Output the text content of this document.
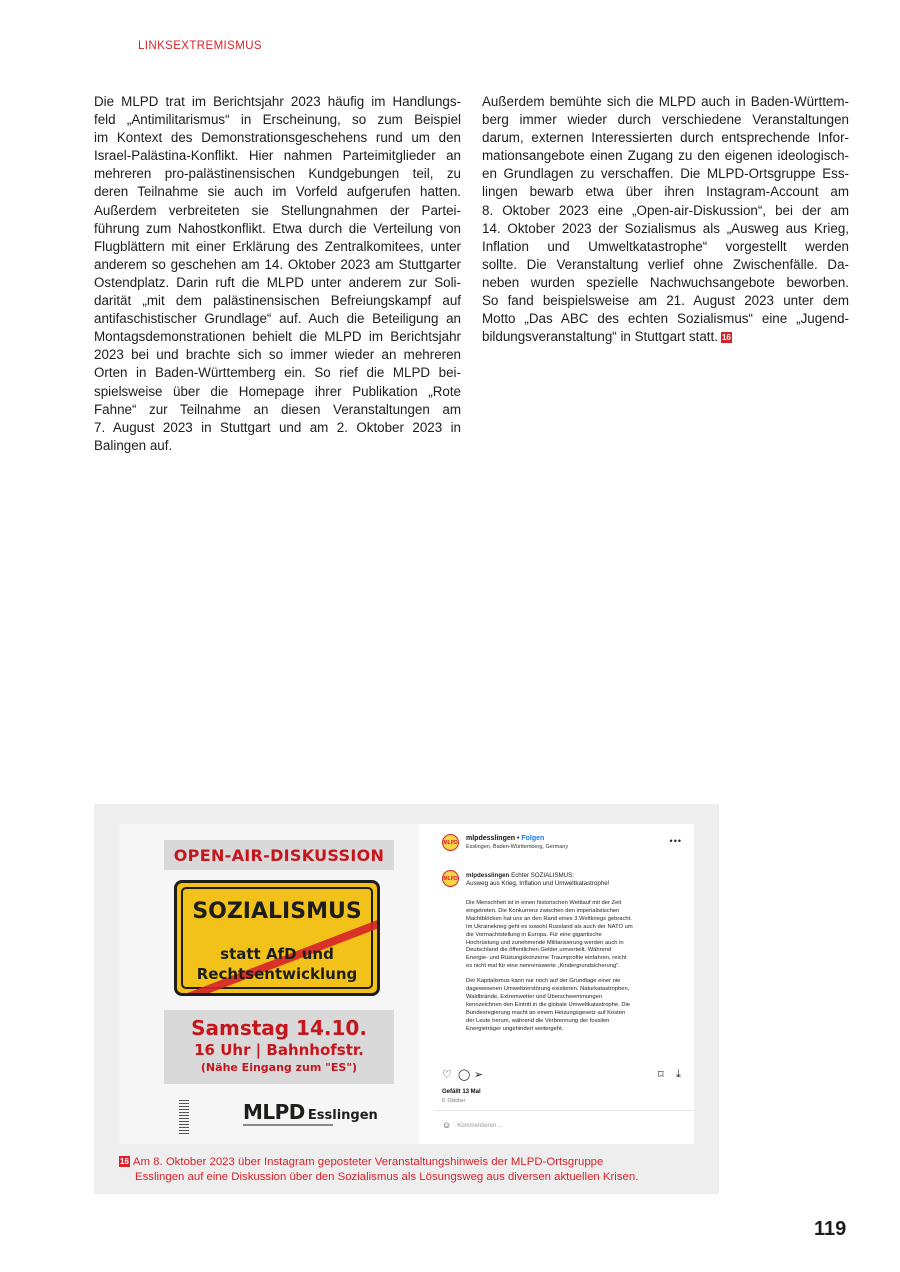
LINKSEXTREMISMUS
Die MLPD trat im Berichtsjahr 2023 häufig im Handlungs-
feld „Antimilitarismus“ in Erscheinung, so zum Beispiel
im Kontext des Demonstrationsgeschehens rund um den
Israel-Palästina-Konflikt. Hier nahmen Parteimitglieder an
mehreren pro-palästinensischen Kundgebungen teil, zu
deren Teilnahme sie auch im Vorfeld aufgerufen hatten.
Außerdem verbreiteten sie Stellungnahmen der Partei-
führung zum Nahostkonflikt. Etwa durch die Verteilung von
Flugblättern mit einer Erklärung des Zentralkomitees, unter
anderem so geschehen am 14. Oktober 2023 am Stuttgarter
Ostendplatz. Darin ruft die MLPD unter anderem zur Soli-
darität „mit dem palästinensischen Befreiungskampf auf
antifaschistischer Grundlage“ auf. Auch die Beteiligung an
Montagsdemonstrationen behielt die MLPD im Berichtsjahr
2023 bei und brachte sich so immer wieder an mehreren
Orten in Baden-Württemberg ein. So rief die MLPD bei-
spielsweise über die Homepage ihrer Publikation „Rote
Fahne“ zur Teilnahme an diesen Veranstaltungen am
7. August 2023 in Stuttgart und am 2. Oktober 2023 in
Balingen auf.
Außerdem bemühte sich die MLPD auch in Baden-Württem-
berg immer wieder durch verschiedene Veranstaltungen
darum, externen Interessierten durch entsprechende Infor-
mationsangebote einen Zugang zu den eigenen ideologisch-
en Grundlagen zu verschaffen. Die MLPD-Ortsgruppe Ess-
lingen bewarb etwa über ihren Instagram-Account am
8. Oktober 2023 eine „Open-air-Diskussion“, bei der am
14. Oktober 2023 der Sozialismus als „Ausweg aus Krieg,
Inflation und Umweltkatastrophe“ vorgestellt werden
sollte. Die Veranstaltung verlief ohne Zwischenfälle. Da-
neben wurden spezielle Nachwuchsangebote beworben.
So fand beispielsweise am 21. August 2023 unter dem
Motto „Das ABC des echten Sozialismus“ eine „Jugend-
bildungsveranstaltung“ in Stuttgart statt. 16
OPEN-AIR-DISKUSSION
SOZIALISMUS
statt AfD und
Rechtsentwicklung
Samstag 14.10.
16 Uhr | Bahnhofstr.
(Nähe Eingang zum "ES")
MLPD Esslingen
MLPD
mlpdesslingen • Folgen
Esslingen, Baden-Württemberg, Germany
•••
MLPD mlpdesslingen Echter SOZIALISMUS:

Ausweg aus Krieg, Inflation und Umweltkatastrophe!

Die Menschheit ist in einen historischen Wettlauf mit der Zeit
eingetreten. Die Konkurrenz zwischen den imperialistischen
Machtblöcken hat uns an den Rand eines 3.Weltkriegs gebracht.
Im Ukrainekrieg geht es sowohl Russland als auch der NATO um
die Vormachtstellung in Europa. Für eine gigantische
Hochrüstung und zunehmende Militarisierung werden auch in
Deutschland die öffentlichen Gelder umverteilt. Während
Energie- und Rüstungskonzerne Traumprofite einfahren, reicht
es nicht mal für eine nennenswerte „Kindergrundsicherung“.
Der Kapitalismus kann nur noch auf der Grundlage einer nie
dagewesenen Umweltzerstörung existieren. Naturkatastrophen,
Waldbrände, Extremwetter und Überschwemmungen
kennzeichnen den Eintritt in die globale Umweltkatastrophe. Die
Bundesregierung macht an einem Heizungsgesetz auf Kosten
der Leute herum, während die Verbrennung der fossilen
Energieträger ungehindert weitergeht.
♡ ◯ ➢	⌑ ⤓
Gefällt 13 Mal
8. Oktober
☺ Kommentieren ...
16 Am 8. Oktober 2023 über Instagram geposteter Veranstaltungshinweis der MLPD-Ortsgruppe
Esslingen auf eine Diskussion über den Sozialismus als Lösungsweg aus diversen aktuellen Krisen.
119
